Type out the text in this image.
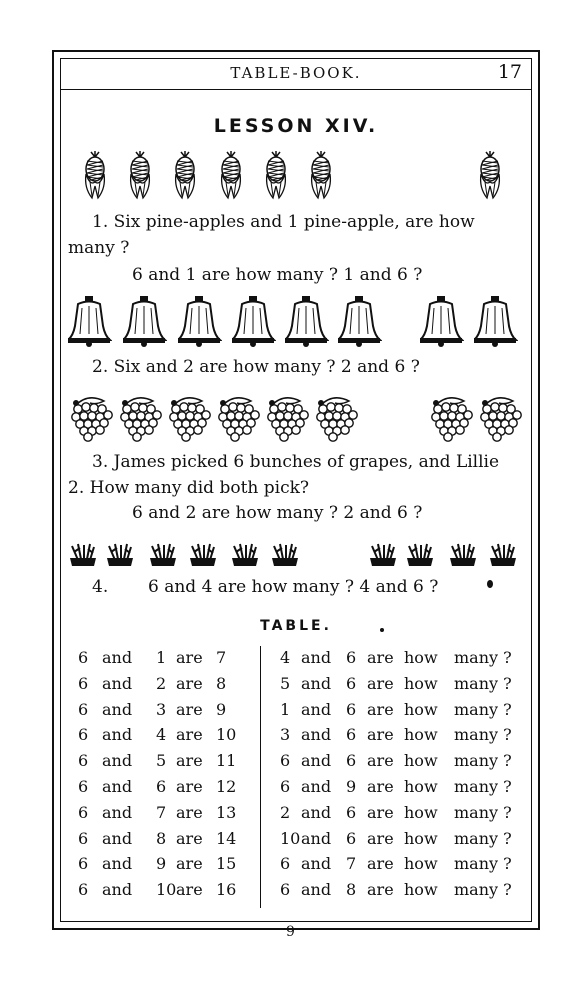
TABLE-BOOK.	17
LESSON XIV.
1. Six pine-apples and 1 pine-apple, are how
many ?
6 and 1 are how many ? 1 and 6 ?
2. Six and 2 are how many ? 2 and 6 ?
3. James picked 6 bunches of grapes, and Lillie
2. How many did both pick?
6 and 2 are how many ? 2 and 6 ?
4. 6 and 4 are how many ? 4 and 6 ?
TABLE.
6 and 1 are 7
6 and 2 are 8
6 and 3 are 9
6 and 4 are 10
6 and 5 are 11
6 and 6 are 12
6 and 7 are 13
6 and 8 are 14
6 and 9 are 15
6 and 10 are 16
4 and 6 are how many ?
5 and 6 are how many ?
1 and 6 are how many ?
3 and 6 are how many ?
6 and 6 are how many ?
6 and 9 are how many ?
2 and 6 are how many ?
10 and 6 are how many ?
6 and 7 are how many ?
6 and 8 are how many ?
9
